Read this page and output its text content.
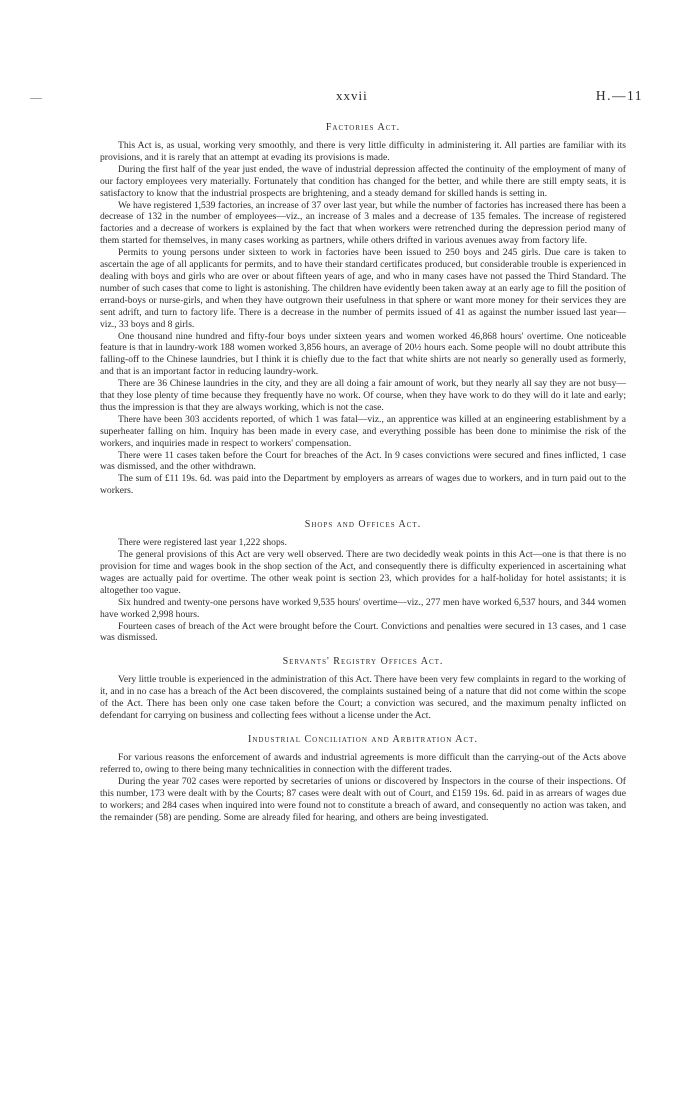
—	xxvii	H.—11
Factories Act.

This Act is, as usual, working very smoothly, and there is very little difficulty in administering it. All parties are familiar with its provisions, and it is rarely that an attempt at evading its provisions is made.

During the first half of the year just ended, the wave of industrial depression affected the continuity of the employment of many of our factory employees very materially. Fortunately that condition has changed for the better, and while there are still empty seats, it is satisfactory to know that the industrial prospects are brightening, and a steady demand for skilled hands is setting in.

We have registered 1,539 factories, an increase of 37 over last year, but while the number of factories has increased there has been a decrease of 132 in the number of employees—viz., an increase of 3 males and a decrease of 135 females. The increase of registered factories and a decrease of workers is explained by the fact that when workers were retrenched during the depression period many of them started for themselves, in many cases working as partners, while others drifted in various avenues away from factory life.

Permits to young persons under sixteen to work in factories have been issued to 250 boys and 245 girls. Due care is taken to ascertain the age of all applicants for permits, and to have their standard certificates produced, but considerable trouble is experienced in dealing with boys and girls who are over or about fifteen years of age, and who in many cases have not passed the Third Standard. The number of such cases that come to light is astonishing. The children have evidently been taken away at an early age to fill the position of errand-boys or nurse-girls, and when they have outgrown their usefulness in that sphere or want more money for their services they are sent adrift, and turn to factory life. There is a decrease in the number of permits issued of 41 as against the number issued last year—viz., 33 boys and 8 girls.

One thousand nine hundred and fifty-four boys under sixteen years and women worked 46,868 hours' overtime. One noticeable feature is that in laundry-work 188 women worked 3,856 hours, an average of 20½ hours each. Some people will no doubt attribute this falling-off to the Chinese laundries, but I think it is chiefly due to the fact that white shirts are not nearly so generally used as formerly, and that is an important factor in reducing laundry-work.

There are 36 Chinese laundries in the city, and they are all doing a fair amount of work, but they nearly all say they are not busy—that they lose plenty of time because they frequently have no work. Of course, when they have work to do they will do it late and early; thus the impression is that they are always working, which is not the case.

There have been 303 accidents reported, of which 1 was fatal—viz., an apprentice was killed at an engineering establishment by a superheater falling on him. Inquiry has been made in every case, and everything possible has been done to minimise the risk of the workers, and inquiries made in respect to workers' compensation.

There were 11 cases taken before the Court for breaches of the Act. In 9 cases convictions were secured and fines inflicted, 1 case was dismissed, and the other withdrawn.

The sum of £11 19s. 6d. was paid into the Department by employers as arrears of wages due to workers, and in turn paid out to the workers.

Shops and Offices Act.

There were registered last year 1,222 shops.

The general provisions of this Act are very well observed. There are two decidedly weak points in this Act—one is that there is no provision for time and wages book in the shop section of the Act, and consequently there is difficulty experienced in ascertaining what wages are actually paid for overtime. The other weak point is section 23, which provides for a half-holiday for hotel assistants; it is altogether too vague.

Six hundred and twenty-one persons have worked 9,535 hours' overtime—viz., 277 men have worked 6,537 hours, and 344 women have worked 2,998 hours.

Fourteen cases of breach of the Act were brought before the Court. Convictions and penalties were secured in 13 cases, and 1 case was dismissed.

Servants' Registry Offices Act.

Very little trouble is experienced in the administration of this Act. There have been very few complaints in regard to the working of it, and in no case has a breach of the Act been discovered, the complaints sustained being of a nature that did not come within the scope of the Act. There has been only one case taken before the Court; a conviction was secured, and the maximum penalty inflicted on defendant for carrying on business and collecting fees without a license under the Act.

Industrial Conciliation and Arbitration Act.

For various reasons the enforcement of awards and industrial agreements is more difficult than the carrying-out of the Acts above referred to, owing to there being many technicalities in connection with the different trades.

During the year 702 cases were reported by secretaries of unions or discovered by Inspectors in the course of their inspections. Of this number, 173 were dealt with by the Courts; 87 cases were dealt with out of Court, and £159 19s. 6d. paid in as arrears of wages due to workers; and 284 cases when inquired into were found not to constitute a breach of award, and consequently no action was taken, and the remainder (58) are pending. Some are already filed for hearing, and others are being investigated.
